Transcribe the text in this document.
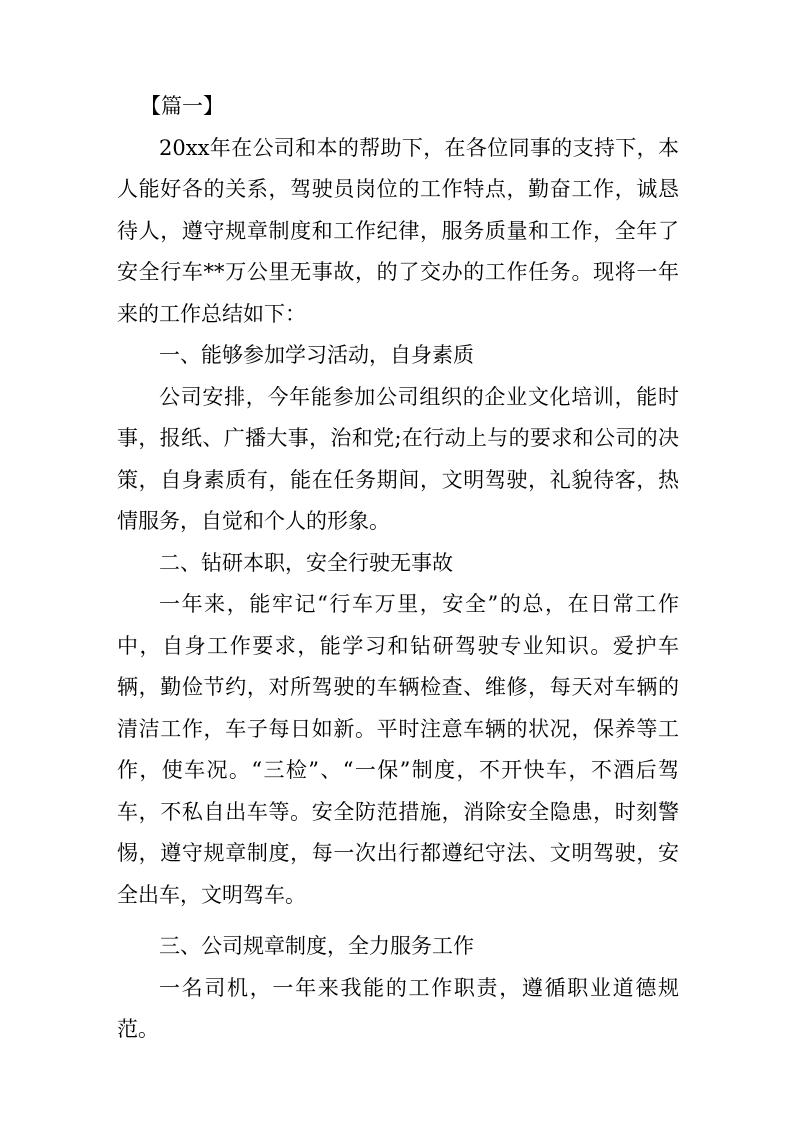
【篇一】

20xx年在公司和本的帮助下，在各位同事的支持下，本人能好各的关系，驾驶员岗位的工作特点，勤奋工作，诚恳待人，遵守规章制度和工作纪律，服务质量和工作，全年了安全行车**万公里无事故，的了交办的工作任务。现将一年来的工作总结如下：

一、能够参加学习活动，自身素质

公司安排，今年能参加公司组织的企业文化培训，能时事，报纸、广播大事，治和党;在行动上与的要求和公司的决策，自身素质有，能在任务期间，文明驾驶，礼貌待客，热情服务，自觉和个人的形象。

二、钻研本职，安全行驶无事故

一年来，能牢记“行车万里，安全”的总，在日常工作中，自身工作要求，能学习和钻研驾驶专业知识。爱护车辆，勤俭节约，对所驾驶的车辆检查、维修，每天对车辆的清洁工作，车子每日如新。平时注意车辆的状况，保养等工作，使车况。“三检”、“一保”制度，不开快车，不酒后驾车，不私自出车等。安全防范措施，消除安全隐患，时刻警惕，遵守规章制度，每一次出行都遵纪守法、文明驾驶，安全出车，文明驾车。

三、公司规章制度，全力服务工作

一名司机，一年来我能的工作职责，遵循职业道德规范。
